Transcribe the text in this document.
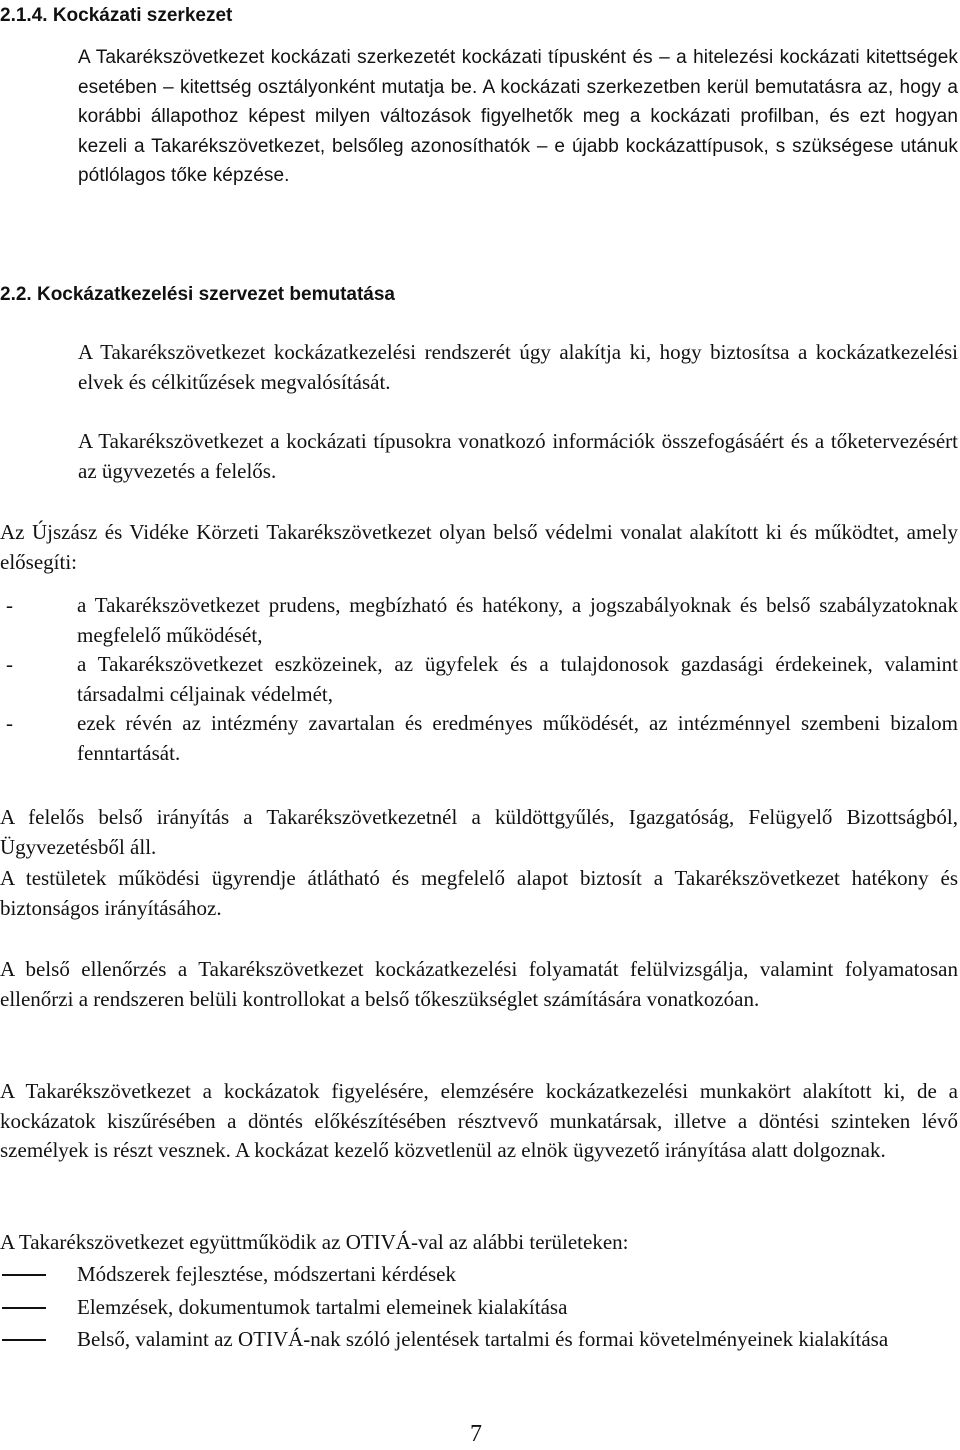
2.1.4. Kockázati szerkezet

A Takarékszövetkezet kockázati szerkezetét kockázati típusként és – a hitelezési kockázati kitettségek esetében – kitettség osztályonként mutatja be. A kockázati szerkezetben kerül bemutatásra az, hogy a korábbi állapothoz képest milyen változások figyelhetők meg a kockázati profilban, és ezt hogyan kezeli a Takarékszövetkezet, belsőleg azonosíthatók – e újabb kockázattípusok, s szükségese utánuk pótlólagos tőke képzése.

2.2. Kockázatkezelési szervezet bemutatása

A Takarékszövetkezet kockázatkezelési rendszerét úgy alakítja ki, hogy biztosítsa a kockázatkezelési elvek és célkitűzések megvalósítását.

A Takarékszövetkezet a kockázati típusokra vonatkozó információk összefogásáért és a tőketervezésért az ügyvezetés a felelős.

Az Újszász és Vidéke Körzeti Takarékszövetkezet olyan belső védelmi vonalat alakított ki és működtet, amely elősegíti:

-	a Takarékszövetkezet prudens, megbízható és hatékony, a jogszabályoknak és belső szabályzatoknak megfelelő működését,
-	a Takarékszövetkezet eszközeinek, az ügyfelek és a tulajdonosok gazdasági érdekeinek, valamint társadalmi céljainak védelmét,
-	ezek révén az intézmény zavartalan és eredményes működését, az intézménnyel szembeni bizalom fenntartását.

A felelős belső irányítás a Takarékszövetkezetnél a küldöttgyűlés, Igazgatóság, Felügyelő Bizottságból, Ügyvezetésből áll.

A testületek működési ügyrendje átlátható és megfelelő alapot biztosít a Takarékszövetkezet hatékony és biztonságos irányításához.

A belső ellenőrzés a Takarékszövetkezet kockázatkezelési folyamatát felülvizsgálja, valamint folyamatosan ellenőrzi a rendszeren belüli kontrollokat a belső tőkeszükséglet számítására vonatkozóan.

A Takarékszövetkezet a kockázatok figyelésére, elemzésére kockázatkezelési munkakört alakított ki, de a kockázatok kiszűrésében a döntés előkészítésében résztvevő munkatársak, illetve a döntési szinteken lévő személyek is részt vesznek. A kockázat kezelő közvetlenül az elnök ügyvezető irányítása alatt dolgoznak.

A Takarékszövetkezet együttműködik az OTIVÁ-val az alábbi területeken:

Módszerek fejlesztése, módszertani kérdések
Elemzések, dokumentumok tartalmi elemeinek kialakítása
Belső, valamint az OTIVÁ-nak szóló jelentések tartalmi és formai követelményeinek kialakítása
7
